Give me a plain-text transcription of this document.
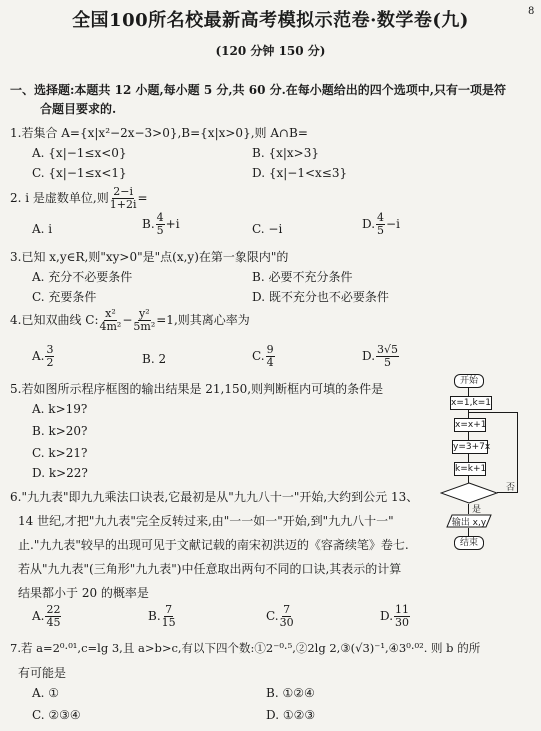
全国100所名校最新高考模拟示范卷·数学卷(九)	8
(120 分钟 150 分)
一、选择题:本题共 12 小题,每小题 5 分,共 60 分.在每小题给出的四个选项中,只有一项是符
合题目要求的.
1.若集合 A={x|x²−2x−3>0},B={x|x>0},则 A∩B=
A. {x|−1≤x<0}	B. {x|x>3}
C. {x|−1≤x<1}	D. {x|−1<x≤3}
2. i 是虚数单位,则 $\frac{2-i}{1+2i}$ =
A. i	B. $\frac{4}{5} +i$	C. −i	D. $\frac{4}{5} -i$
3.已知 x,y∈R,则"xy>0"是"点(x,y)在第一象限内"的
A. 充分不必要条件	B. 必要不充分条件
C. 充要条件	D. 既不充分也不必要条件
4.已知双曲线 C: $\frac{\text{x²}}{\text{4m²}} - \frac{\text{y²}}{\text{5m²}} =1$,则其离心率为
A. $\frac{3}{2}$	B. 2	C. $\frac{9}{4}$	D. $\frac{3√5}{5}$
5.若如图所示程序框图的输出结果是 21,150,则判断框内可填的条件是
A. k>19?
B. k>20?
C. k>21?
D. k>22?
开始
x=1,k=1
x=x+1
y=3+7x
k=k+1
否
是
输出 x,y
结束
6."九九表"即九九乘法口诀表,它最初是从"九九八十一"开始,大约到公元 13、
14 世纪,才把"九九表"完全反转过来,由"一一如一"开始,到"九九八十一"
止."九九表"较早的出现可见于文献记载的南宋初洪迈的《容斋续笔》卷七.
若从"九九表"(三角形"九九表")中任意取出两句不同的口诀,其表示的计算
结果都小于 20 的概率是
A. $\frac{22}{45}$	B. $\frac{7}{15}$	C. $\frac{7}{30}$	D. $\frac{11}{30}$
7.若 a=2⁰·⁰¹,c=lg 3,且 a>b>c,有以下四个数:①2⁻⁰·⁵,②2lg 2,③(√3)⁻¹,④3⁰·⁰². 则 b 的所
有可能是
A. ①	B. ①②④
C. ②③④	D. ①②③
